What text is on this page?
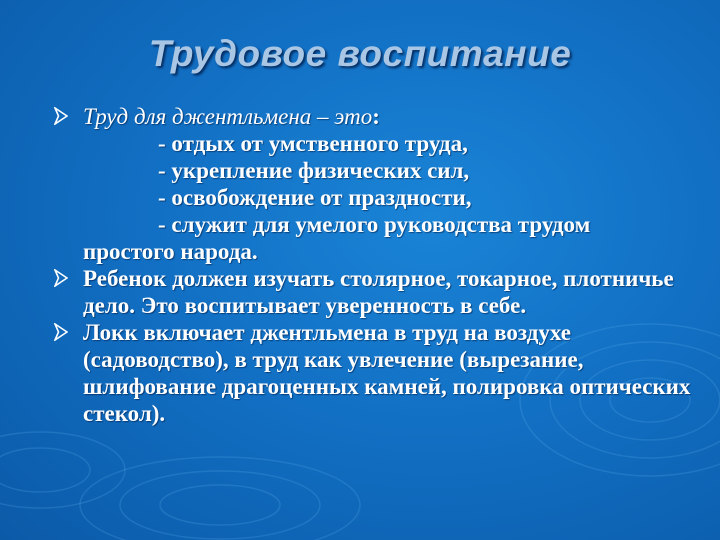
Трудовое воспитание
Труд для джентльмена – это:
- отдых от умственного труда,
- укрепление физических сил,
- освобождение от праздности,
- служит для умелого руководства трудом
простого народа.
Ребенок должен изучать столярное, токарное, плотничье дело. Это воспитывает уверенность в себе.
Локк включает джентльмена в труд на воздухе (садоводство), в труд как увлечение (вырезание, шлифование драгоценных камней, полировка оптических стекол).
